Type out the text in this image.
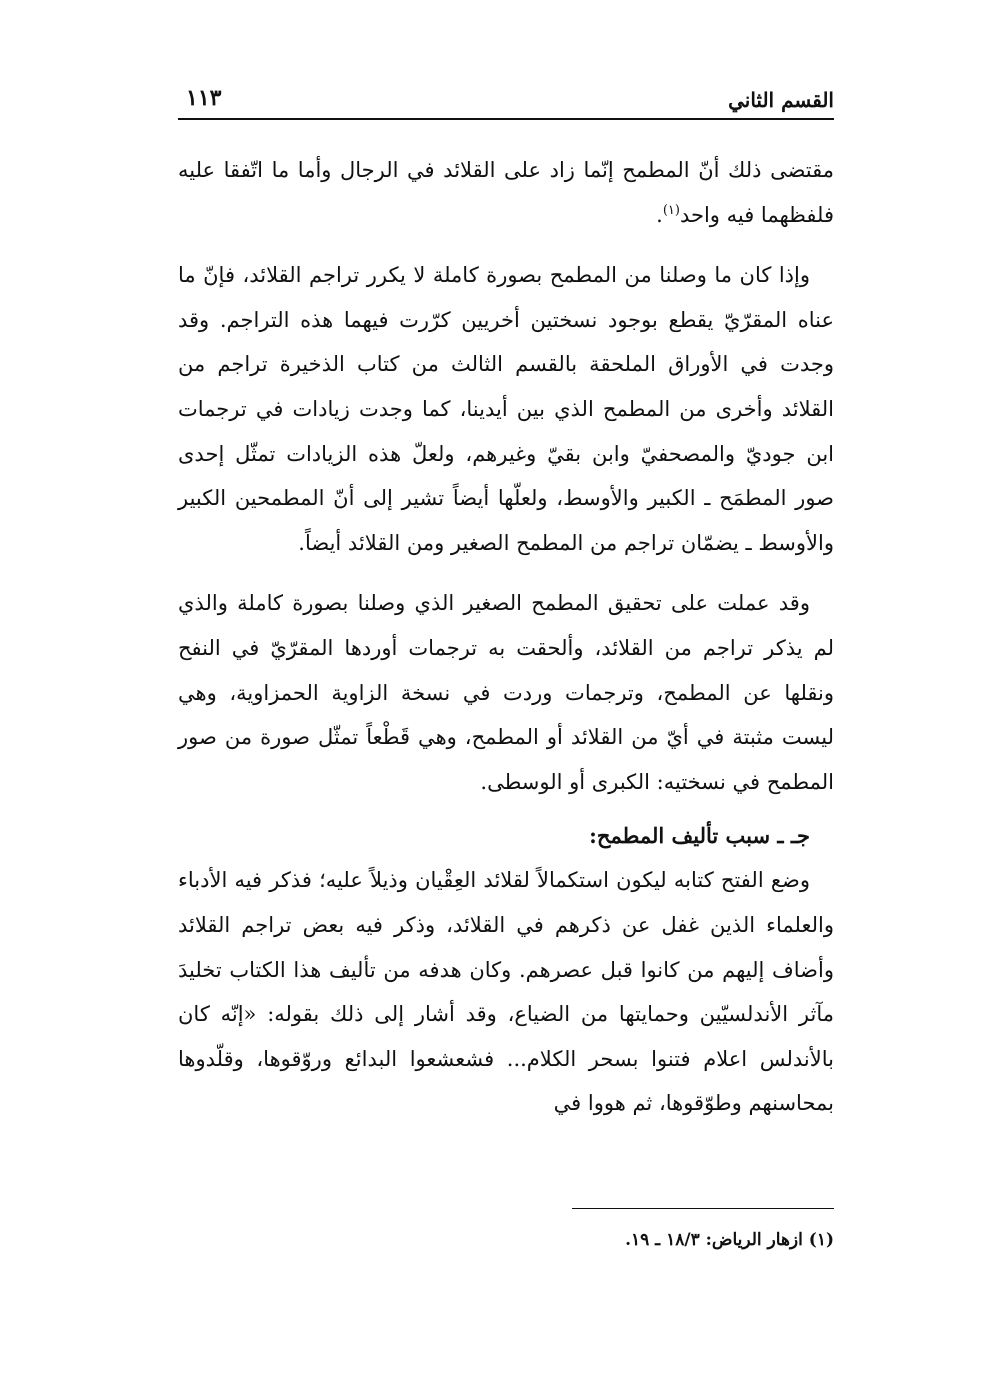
القسم الثاني
١١٣

مقتضى ذلك أنّ المطمح إنّما زاد على القلائد في الرجال وأما ما اتّفقا عليه فلفظهما فيه واحد$^{(١)}$.

وإذا كان ما وصلنا من المطمح بصورة كاملة لا يكرر تراجم القلائد، فإنّ ما عناه المقرّيّ يقطع بوجود نسختين أخريين كرّرت فيهما هذه التراجم. وقد وجدت في الأوراق الملحقة بالقسم الثالث من كتاب الذخيرة تراجم من القلائد وأخرى من المطمح الذي بين أيدينا، كما وجدت زيادات في ترجمات ابن جوديّ والمصحفيّ وابن بقيّ وغيرهم، ولعلّ هذه الزيادات تمثّل إحدى صور المطمَح ـ الكبير والأوسط، ولعلّها أيضاً تشير إلى أنّ المطمحين الكبير والأوسط ـ يضمّان تراجم من المطمح الصغير ومن القلائد أيضاً.

وقد عملت على تحقيق المطمح الصغير الذي وصلنا بصورة كاملة والذي لم يذكر تراجم من القلائد، وألحقت به ترجمات أوردها المقرّيّ في النفح ونقلها عن المطمح، وترجمات وردت في نسخة الزاوية الحمزاوية، وهي ليست مثبتة في أيّ من القلائد أو المطمح، وهي قَطْعاً تمثّل صورة من صور المطمح في نسختيه: الكبرى أو الوسطى.

جـ ـ سبب تأليف المطمح:

وضع الفتح كتابه ليكون استكمالاً لقلائد العِقْيان وذيلاً عليه؛ فذكر فيه الأدباء والعلماء الذين غفل عن ذكرهم في القلائد، وذكر فيه بعض تراجم القلائد وأضاف إليهم من كانوا قبل عصرهم. وكان هدفه من تأليف هذا الكتاب تخليدَ مآثر الأندلسيّين وحمايتها من الضياع، وقد أشار إلى ذلك بقوله: «إنّه كان بالأندلس اعلام فتنوا بسحر الكلام... فشعشعوا البدائع وروّقوها، وقلّدوها بمحاسنهم وطوّقوها، ثم هووا في

(١) ازهار الرياض: ١٨/٣ ـ ١٩.
